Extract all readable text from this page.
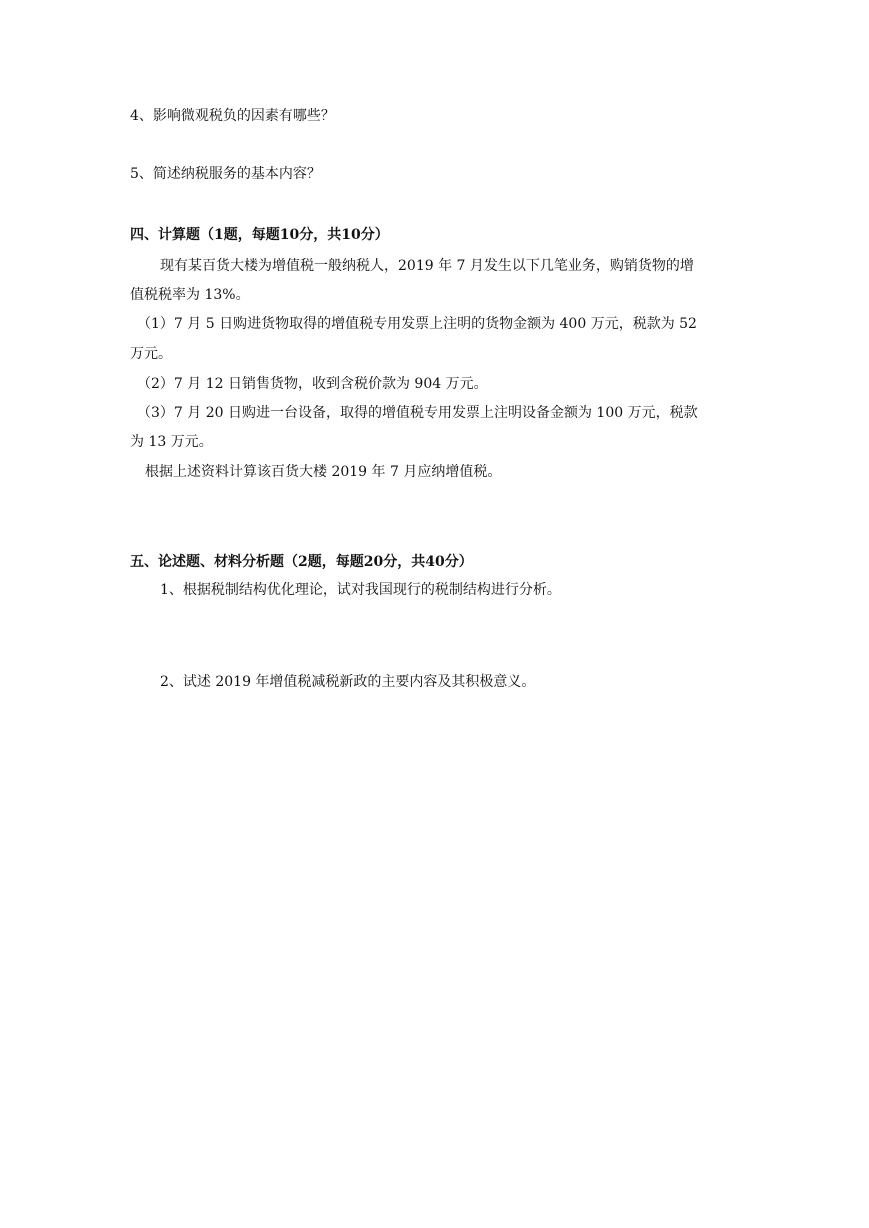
4、影响微观税负的因素有哪些？
5、简述纳税服务的基本内容？
四、计算题（1题，每题10分，共10分）
现有某百货大楼为增值税一般纳税人，2019 年 7 月发生以下几笔业务，购销货物的增
值税税率为 13%。
（1）7 月 5 日购进货物取得的增值税专用发票上注明的货物金额为 400 万元，税款为 52
万元。
（2）7 月 12 日销售货物，收到含税价款为 904 万元。
（3）7 月 20 日购进一台设备，取得的增值税专用发票上注明设备金额为 100 万元，税款
为 13 万元。
根据上述资料计算该百货大楼 2019 年 7 月应纳增值税。
五、论述题、材料分析题（2题，每题20分，共40分）
1、根据税制结构优化理论，试对我国现行的税制结构进行分析。
2、试述 2019 年增值税减税新政的主要内容及其积极意义。
